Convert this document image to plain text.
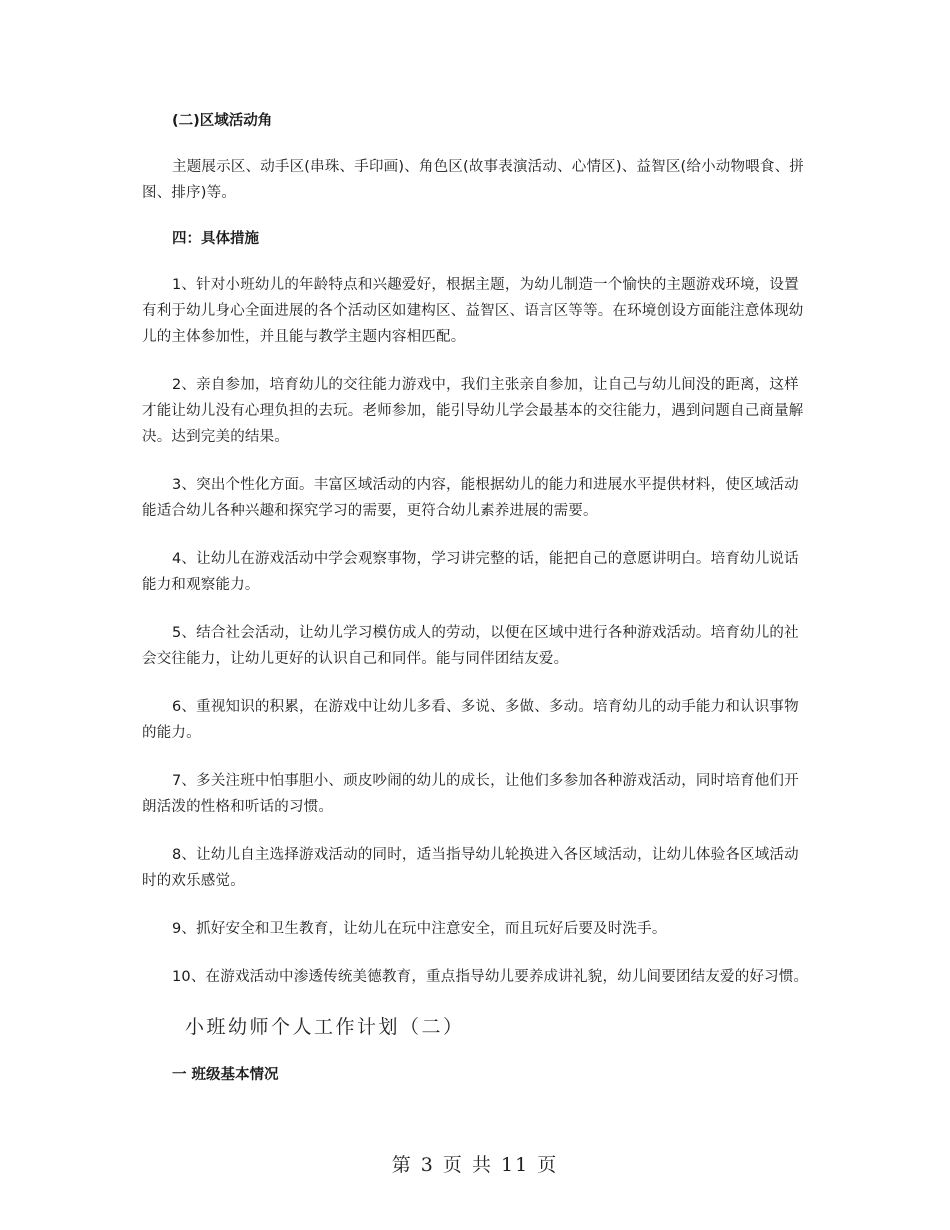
(二)区域活动角

主题展示区、动手区(串珠、手印画)、角色区(故事表演活动、心情区)、益智区(给小动物喂食、拼图、排序)等。

四：具体措施

1、针对小班幼儿的年龄特点和兴趣爱好，根据主题，为幼儿制造一个愉快的主题游戏环境，设置有利于幼儿身心全面进展的各个活动区如建构区、益智区、语言区等等。在环境创设方面能注意体现幼儿的主体参加性，并且能与教学主题内容相匹配。

2、亲自参加，培育幼儿的交往能力游戏中，我们主张亲自参加，让自己与幼儿间没的距离，这样才能让幼儿没有心理负担的去玩。老师参加，能引导幼儿学会最基本的交往能力，遇到问题自己商量解决。达到完美的结果。

3、突出个性化方面。丰富区域活动的内容，能根据幼儿的能力和进展水平提供材料，使区域活动能适合幼儿各种兴趣和探究学习的需要，更符合幼儿素养进展的需要。

4、让幼儿在游戏活动中学会观察事物，学习讲完整的话，能把自己的意愿讲明白。培育幼儿说话能力和观察能力。

5、结合社会活动，让幼儿学习模仿成人的劳动，以便在区域中进行各种游戏活动。培育幼儿的社会交往能力，让幼儿更好的认识自己和同伴。能与同伴团结友爱。

6、重视知识的积累，在游戏中让幼儿多看、多说、多做、多动。培育幼儿的动手能力和认识事物的能力。

7、多关注班中怕事胆小、顽皮吵闹的幼儿的成长，让他们多参加各种游戏活动，同时培育他们开朗活泼的性格和听话的习惯。

8、让幼儿自主选择游戏活动的同时，适当指导幼儿轮换进入各区域活动，让幼儿体验各区域活动时的欢乐感觉。

9、抓好安全和卫生教育，让幼儿在玩中注意安全，而且玩好后要及时洗手。

10、在游戏活动中渗透传统美德教育，重点指导幼儿要养成讲礼貌，幼儿间要团结友爱的好习惯。

小班幼师个人工作计划（二）

一 班级基本情况

第 3 页 共 11 页
